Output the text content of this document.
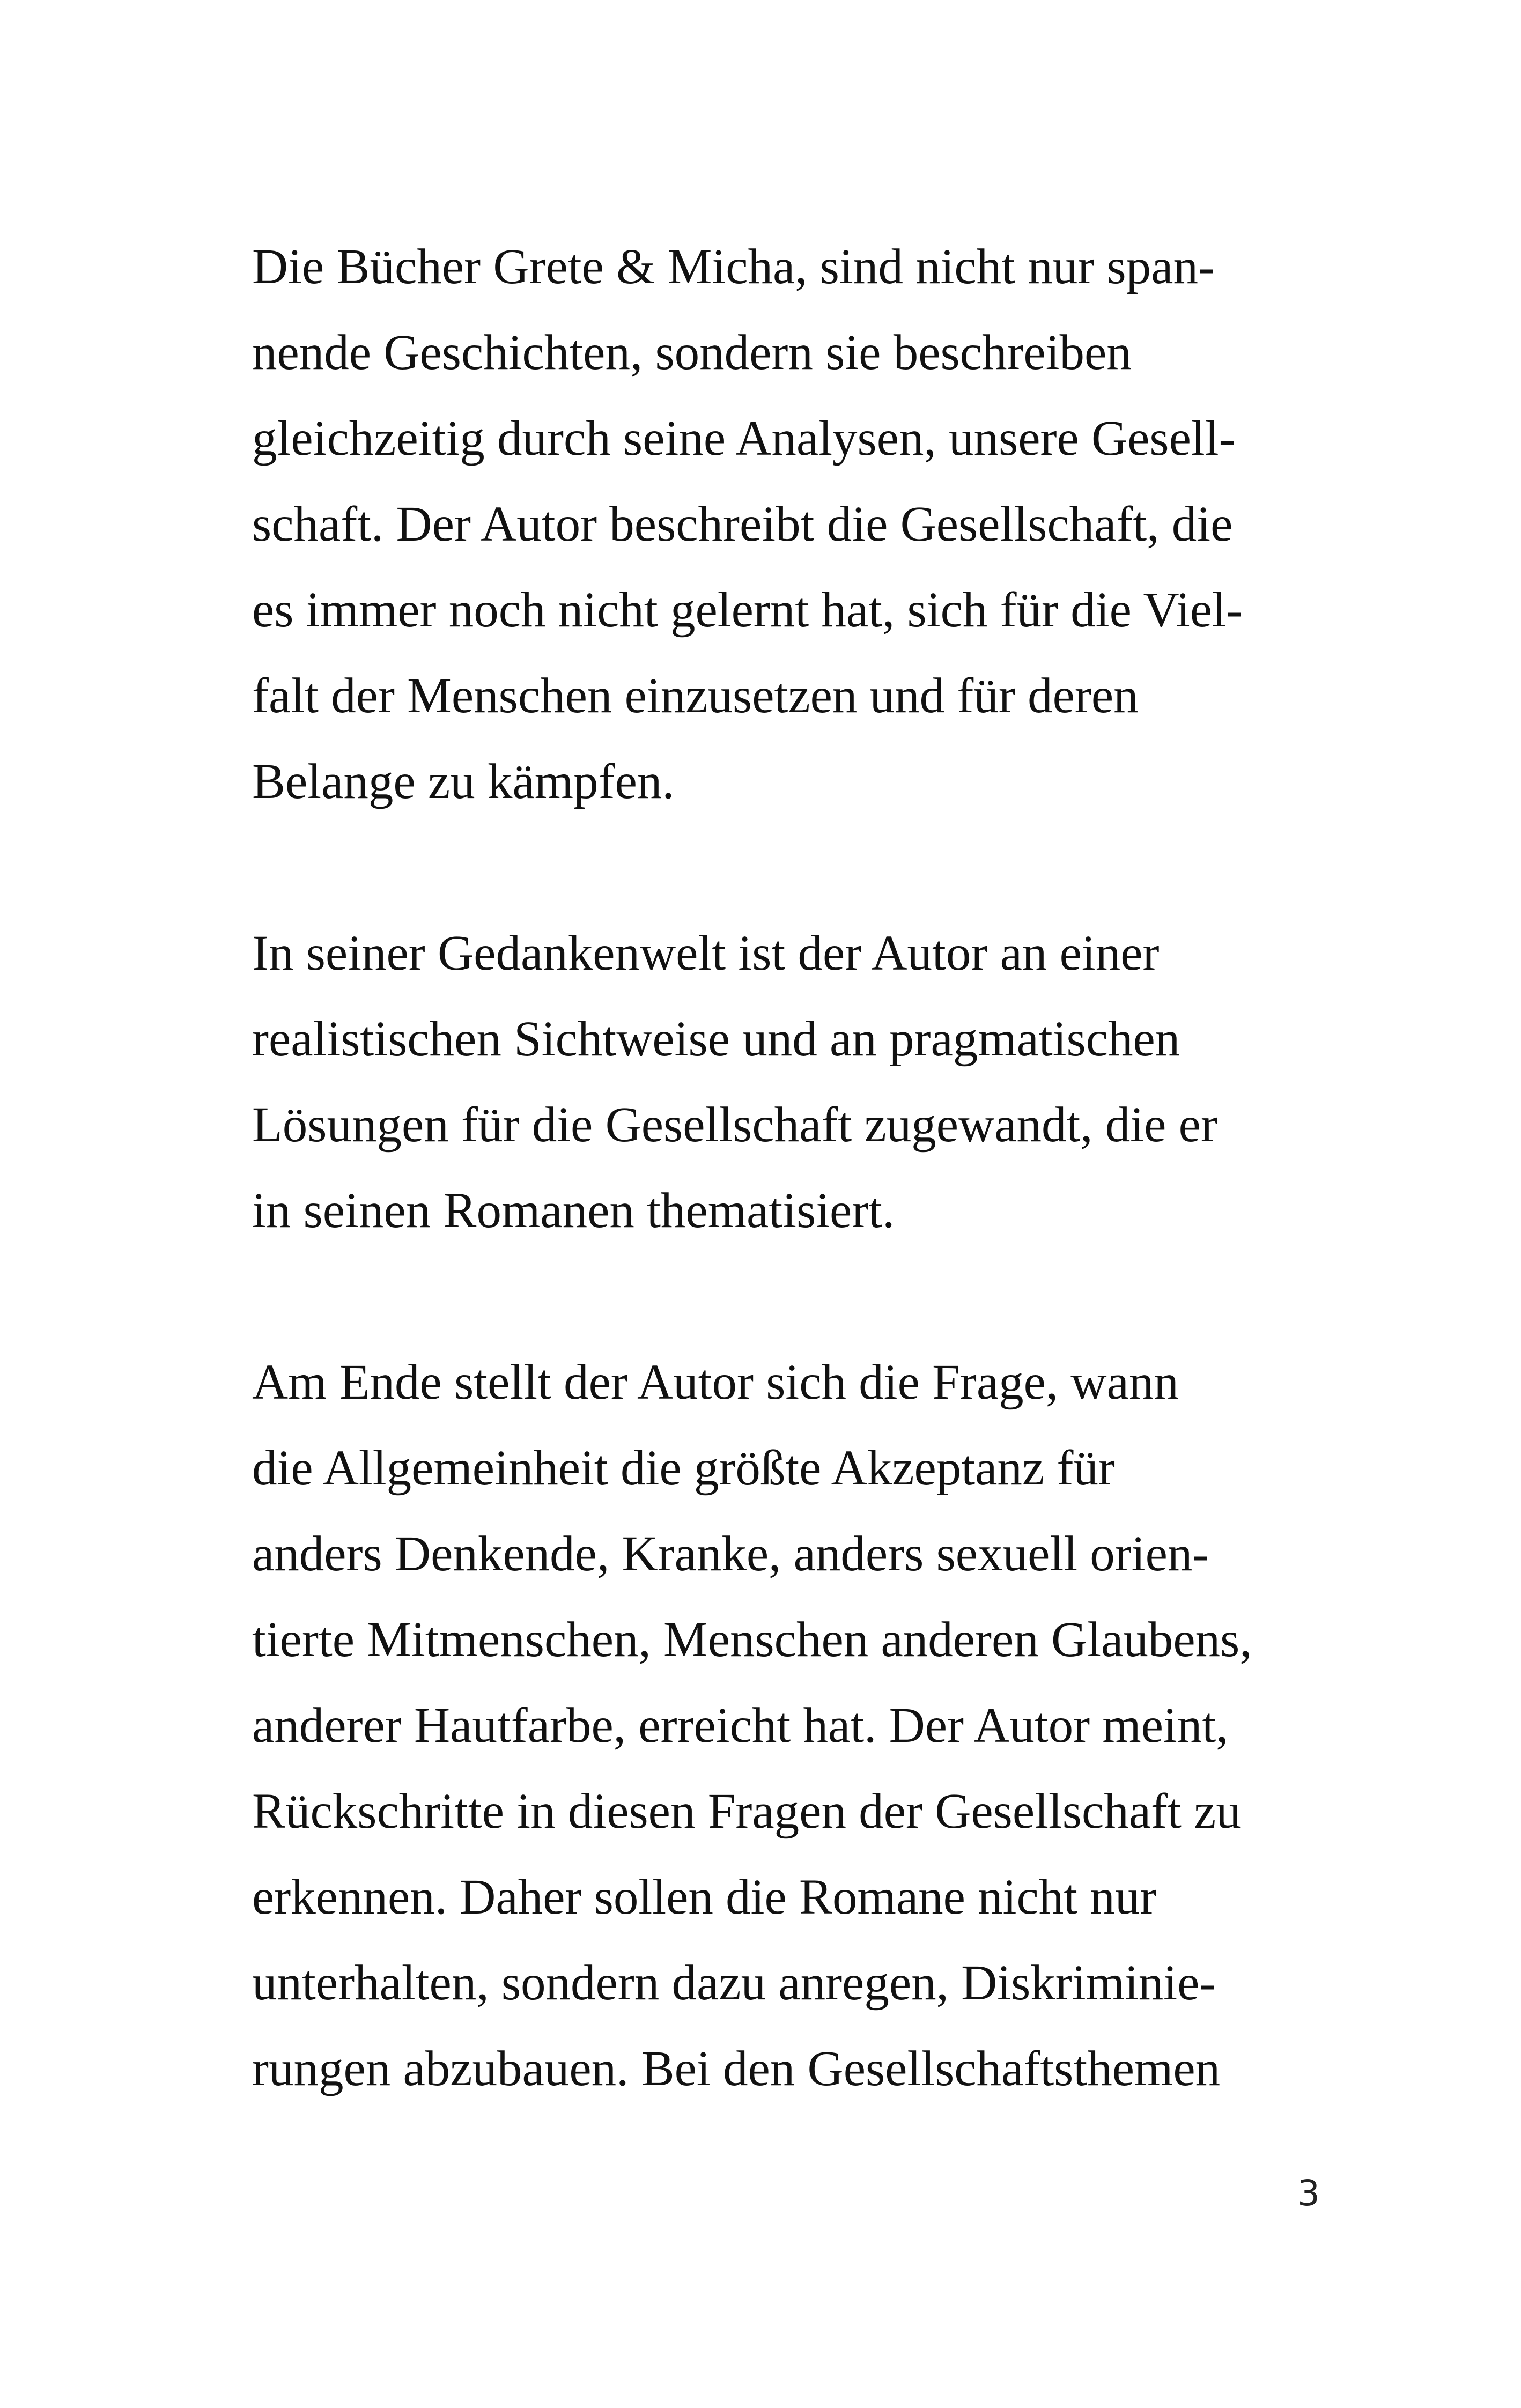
Die Bücher Grete & Micha, sind nicht nur span-
nende Geschichten, sondern sie beschreiben
gleichzeitig durch seine Analysen, unsere Gesell-
schaft. Der Autor beschreibt die Gesellschaft, die
es immer noch nicht gelernt hat, sich für die Viel-
falt der Menschen einzusetzen und für deren
Belange zu kämpfen.

In seiner Gedankenwelt ist der Autor an einer
realistischen Sichtweise und an pragmatischen
Lösungen für die Gesellschaft zugewandt, die er
in seinen Romanen thematisiert.

Am Ende stellt der Autor sich die Frage, wann
die Allgemeinheit die größte Akzeptanz für
anders Denkende, Kranke, anders sexuell orien-
tierte Mitmenschen, Menschen anderen Glaubens,
anderer Hautfarbe, erreicht hat. Der Autor meint,
Rückschritte in diesen Fragen der Gesellschaft zu
erkennen. Daher sollen die Romane nicht nur
unterhalten, sondern dazu anregen, Diskriminie-
rungen abzubauen. Bei den Gesellschaftsthemen

3
